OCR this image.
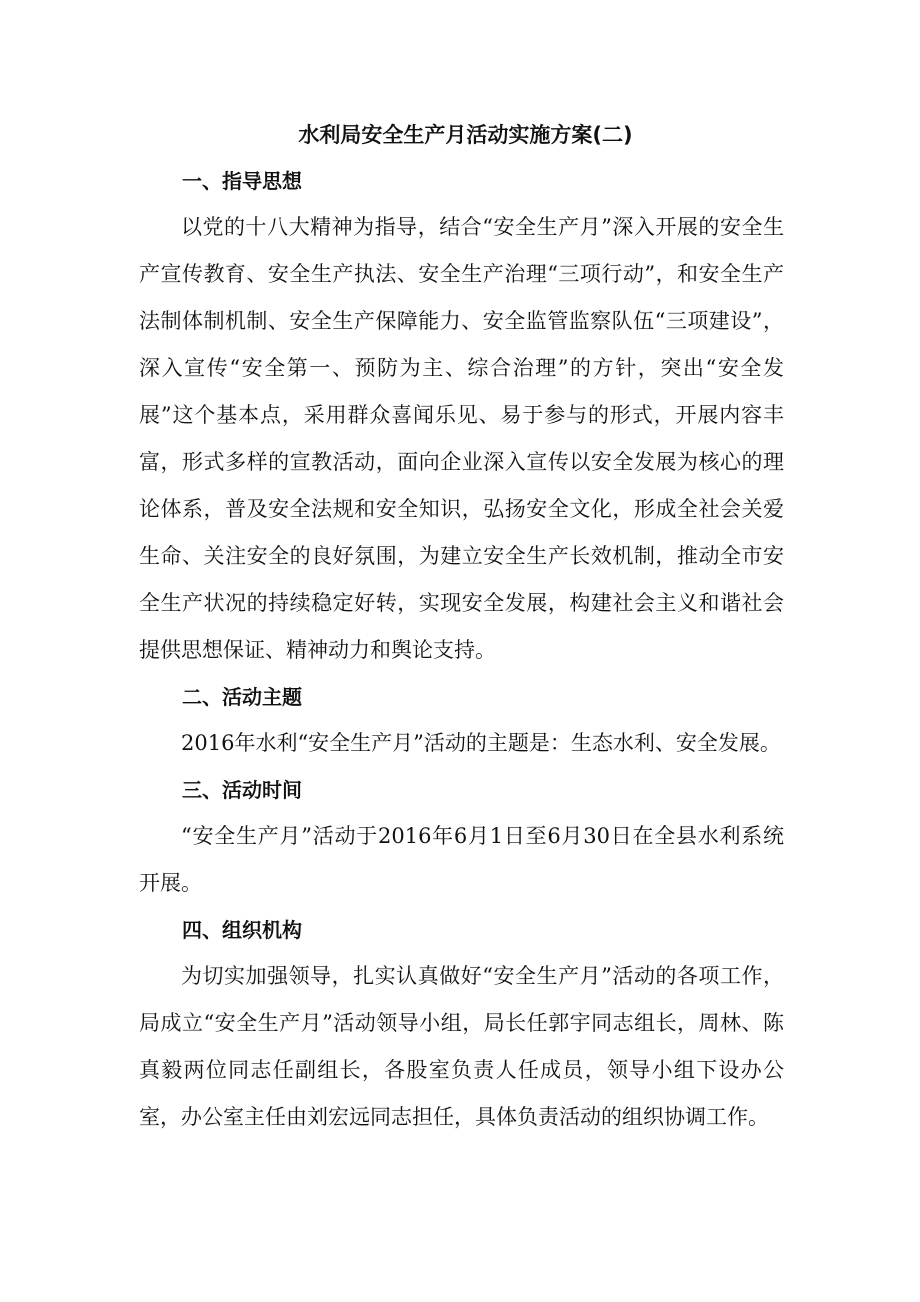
水利局安全生产月活动实施方案(二)
一、指导思想

以党的十八大精神为指导，结合“安全生产月”深入开展的安全生产宣传教育、安全生产执法、安全生产治理“三项行动”，和安全生产法制体制机制、安全生产保障能力、安全监管监察队伍“三项建设”，深入宣传“安全第一、预防为主、综合治理”的方针，突出“安全发展”这个基本点，采用群众喜闻乐见、易于参与的形式，开展内容丰富，形式多样的宣教活动，面向企业深入宣传以安全发展为核心的理论体系，普及安全法规和安全知识，弘扬安全文化，形成全社会关爱生命、关注安全的良好氛围，为建立安全生产长效机制，推动全市安全生产状况的持续稳定好转，实现安全发展，构建社会主义和谐社会提供思想保证、精神动力和舆论支持。

二、活动主题

2016年水利“安全生产月”活动的主题是：生态水利、安全发展。

三、活动时间

“安全生产月”活动于2016年6月1日至6月30日在全县水利系统开展。

四、组织机构

为切实加强领导，扎实认真做好“安全生产月”活动的各项工作，局成立“安全生产月”活动领导小组，局长任郭宇同志组长，周林、陈真毅两位同志任副组长，各股室负责人任成员，领导小组下设办公室，办公室主任由刘宏远同志担任，具体负责活动的组织协调工作。
